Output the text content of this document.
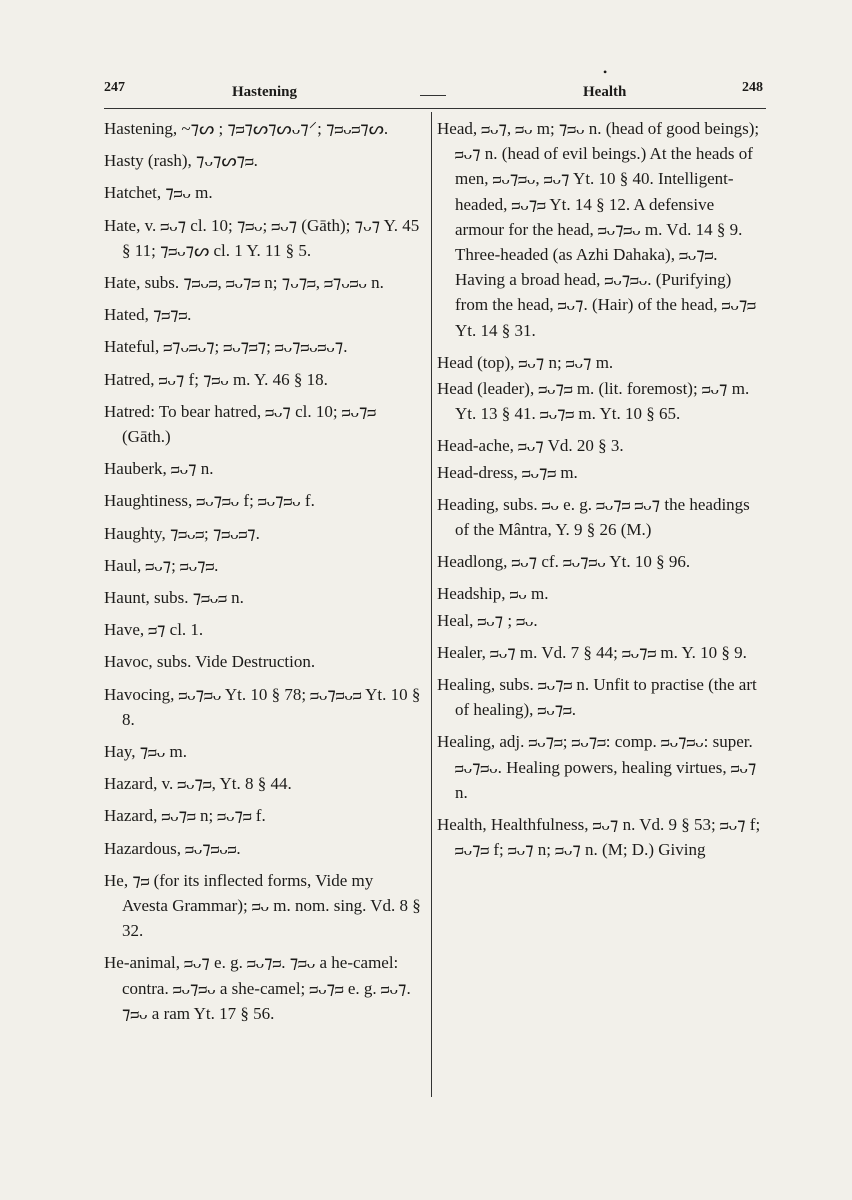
•
247	Hastening	Health	248

Hastening, ~⁊ᔕ ; ⁊ᴝ⁊ᔕ⁊ᔕᴗ⁊⸍; ⁊ᴝᴗᴝ⁊ᔕ.

Hasty (rash), ⁊ᴗ⁊ᔕ⁊ᴝ.

Hatchet, ⁊ᴝᴗ m.

Hate, v. ᴝᴗ⁊ cl. 10; ⁊ᴝᴗ; ᴝᴗ⁊ (Gāth); ⁊ᴗ⁊ Y. 45 § 11; ⁊ᴝᴗ⁊ᔕ cl. 1 Y. 11 § 5.

Hate, subs. ⁊ᴝᴗᴝ, ᴝᴗ⁊ᴝ n; ⁊ᴗ⁊ᴝ, ᴝ⁊ᴗᴝᴗ n.

Hated, ⁊ᴝ⁊ᴝ.

Hateful, ᴝ⁊ᴗᴝᴗ⁊; ᴝᴗ⁊ᴝ⁊; ᴝᴗ⁊ᴝᴗᴝᴗ⁊.

Hatred, ᴝᴗ⁊ f; ⁊ᴝᴗ m. Y. 46 § 18.

Hatred: To bear hatred, ᴝᴗ⁊ cl. 10; ᴝᴗ⁊ᴝ (Gāth.)

Hauberk, ᴝᴗ⁊ n.

Haughtiness, ᴝᴗ⁊ᴝᴗ f; ᴝᴗ⁊ᴝᴗ f.

Haughty, ⁊ᴝᴗᴝ; ⁊ᴝᴗᴝ⁊.

Haul, ᴝᴗ⁊; ᴝᴗ⁊ᴝ.

Haunt, subs. ⁊ᴝᴗᴝ n.

Have, ᴝ⁊ cl. 1.

Havoc, subs. Vide Destruction.

Havocing, ᴝᴗ⁊ᴝᴗ Yt. 10 § 78; ᴝᴗ⁊ᴝᴗᴝ Yt. 10 § 8.

Hay, ⁊ᴝᴗ m.

Hazard, v. ᴝᴗ⁊ᴝ, Yt. 8 § 44.

Hazard, ᴝᴗ⁊ᴝ n; ᴝᴗ⁊ᴝ f.

Hazardous, ᴝᴗ⁊ᴝᴗᴝ.

He, ⁊ᴝ (for its inflected forms, Vide my Avesta Grammar); ᴝᴗ m. nom. sing. Vd. 8 § 32.

He-animal, ᴝᴗ⁊ e. g. ᴝᴗ⁊ᴝ. ⁊ᴝᴗ a he-camel: contra. ᴝᴗ⁊ᴝᴗ a she-camel; ᴝᴗ⁊ᴝ e. g. ᴝᴗ⁊. ⁊ᴝᴗ a ram Yt. 17 § 56.

Head, ᴝᴗ⁊, ᴝᴗ m; ⁊ᴝᴗ n. (head of good beings); ᴝᴗ⁊ n. (head of evil beings.) At the heads of men, ᴝᴗ⁊ᴝᴗ, ᴝᴗ⁊ Yt. 10 § 40. Intelligent-headed, ᴝᴗ⁊ᴝ Yt. 14 § 12. A defensive armour for the head, ᴝᴗ⁊ᴝᴗ m. Vd. 14 § 9. Three-headed (as Azhi Dahaka), ᴝᴗ⁊ᴝ. Having a broad head, ᴝᴗ⁊ᴝᴗ. (Purifying) from the head, ᴝᴗ⁊. (Hair) of the head, ᴝᴗ⁊ᴝ Yt. 14 § 31.

Head (top), ᴝᴗ⁊ n; ᴝᴗ⁊ m.

Head (leader), ᴝᴗ⁊ᴝ m. (lit. foremost); ᴝᴗ⁊ m. Yt. 13 § 41. ᴝᴗ⁊ᴝ m. Yt. 10 § 65.

Head-ache, ᴝᴗ⁊ Vd. 20 § 3.

Head-dress, ᴝᴗ⁊ᴝ m.

Heading, subs. ᴝᴗ e. g. ᴝᴗ⁊ᴝ ᴝᴗ⁊ the headings of the Mântra, Y. 9 § 26 (M.)

Headlong, ᴝᴗ⁊ cf. ᴝᴗ⁊ᴝᴗ Yt. 10 § 96.

Headship, ᴝᴗ m.

Heal, ᴝᴗ⁊ ; ᴝᴗ.

Healer, ᴝᴗ⁊ m. Vd. 7 § 44; ᴝᴗ⁊ᴝ m. Y. 10 § 9.

Healing, subs. ᴝᴗ⁊ᴝ n. Unfit to practise (the art of healing), ᴝᴗ⁊ᴝ.

Healing, adj. ᴝᴗ⁊ᴝ; ᴝᴗ⁊ᴝ: comp. ᴝᴗ⁊ᴝᴗ: super. ᴝᴗ⁊ᴝᴗ. Healing powers, healing virtues, ᴝᴗ⁊ n.

Health, Healthfulness, ᴝᴗ⁊ n. Vd. 9 § 53; ᴝᴗ⁊ f; ᴝᴗ⁊ᴝ f; ᴝᴗ⁊ n; ᴝᴗ⁊ n. (M; D.) Giving
